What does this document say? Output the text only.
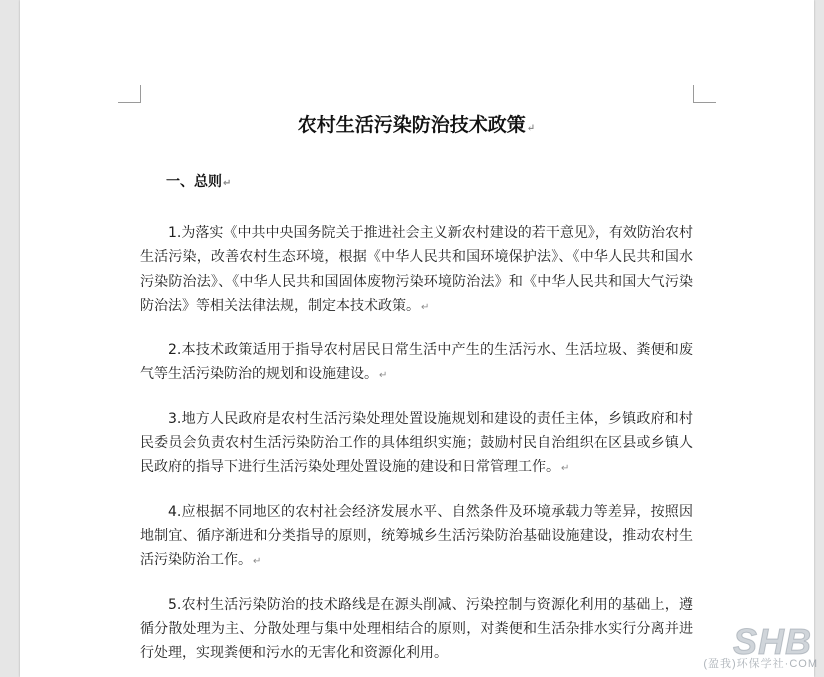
农村生活污染防治技术政策↵
一、总则↵

1.为落实《中共中央国务院关于推进社会主义新农村建设的若干意见》，有效防治农村生活污染，改善农村生态环境，根据《中华人民共和国环境保护法》、《中华人民共和国水污染防治法》、《中华人民共和国固体废物污染环境防治法》和《中华人民共和国大气污染防治法》等相关法律法规，制定本技术政策。↵

2.本技术政策适用于指导农村居民日常生活中产生的生活污水、生活垃圾、粪便和废气等生活污染防治的规划和设施建设。↵

3.地方人民政府是农村生活污染处理处置设施规划和建设的责任主体，乡镇政府和村民委员会负责农村生活污染防治工作的具体组织实施；鼓励村民自治组织在区县或乡镇人民政府的指导下进行生活污染处理处置设施的建设和日常管理工作。↵

4.应根据不同地区的农村社会经济发展水平、自然条件及环境承载力等差异，按照因地制宜、循序渐进和分类指导的原则，统筹城乡生活污染防治基础设施建设，推动农村生活污染防治工作。↵

5.农村生活污染防治的技术路线是在源头削减、污染控制与资源化利用的基础上，遵循分散处理为主、分散处理与集中处理相结合的原则，对粪便和生活杂排水实行分离并进行处理，实现粪便和污水的无害化和资源化利用。	SHB
(盈我)环保学社·COM
